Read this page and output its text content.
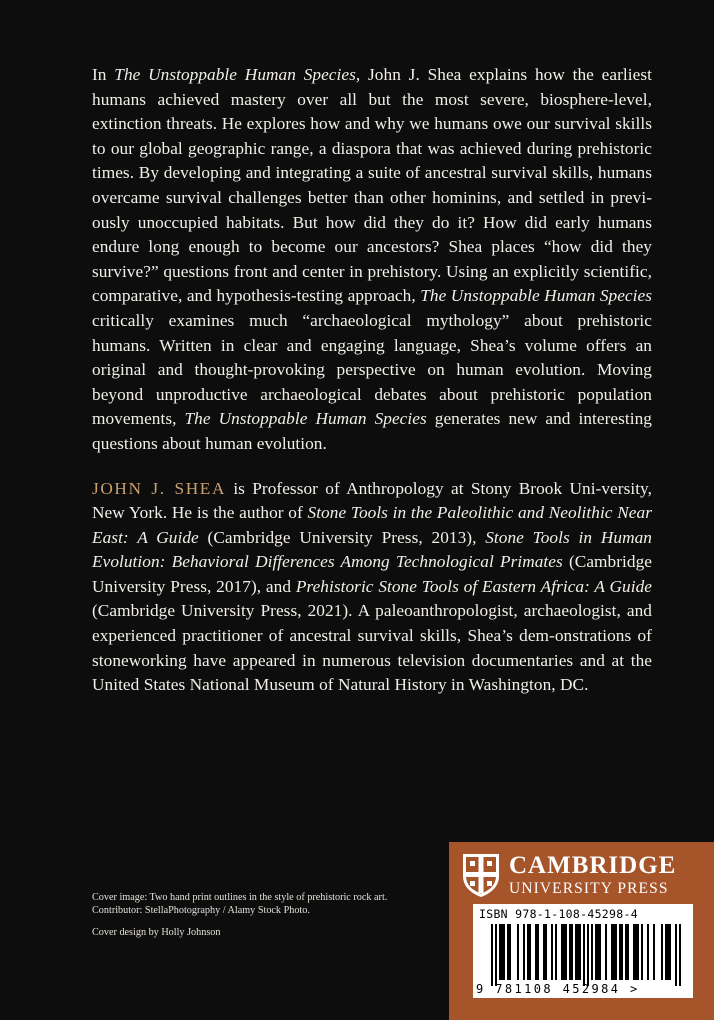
In The Unstoppable Human Species, John J. Shea explains how the earliest humans achieved mastery over all but the most severe, biosphere-level, extinction threats. He explores how and why we humans owe our survival skills to our global geographic range, a diaspora that was achieved during prehistoric times. By developing and integrating a suite of ancestral survival skills, humans overcame survival challenges better than other hominins, and settled in previ-ously unoccupied habitats. But how did they do it? How did early humans endure long enough to become our ancestors? Shea places “how did they survive?” questions front and center in prehistory. Using an explicitly scientific, comparative, and hypothesis-testing approach, The Unstoppable Human Species critically examines much “archaeological mythology” about prehistoric humans. Written in clear and engaging language, Shea’s volume offers an original and thought-provoking perspective on human evolution. Moving beyond unproductive archaeological debates about prehistoric population movements, The Unstoppable Human Species generates new and interesting questions about human evolution.

JOHN J. SHEA is Professor of Anthropology at Stony Brook Uni-versity, New York. He is the author of Stone Tools in the Paleolithic and Neolithic Near East: A Guide (Cambridge University Press, 2013), Stone Tools in Human Evolution: Behavioral Differences Among Technological Primates (Cambridge University Press, 2017), and Prehistoric Stone Tools of Eastern Africa: A Guide (Cambridge University Press, 2021). A paleoanthropologist, archaeologist, and experienced practitioner of ancestral survival skills, Shea’s dem-onstrations of stoneworking have appeared in numerous television documentaries and at the United States National Museum of Natural History in Washington, DC.

Cover image: Two hand print outlines in the style of prehistoric rock art. Contributor: StellaPhotography / Alamy Stock Photo.

Cover design by Holly Johnson

CAMBRIDGE
UNIVERSITY PRESS
ISBN 978-1-108-45298-4
9 781108 452984 >
